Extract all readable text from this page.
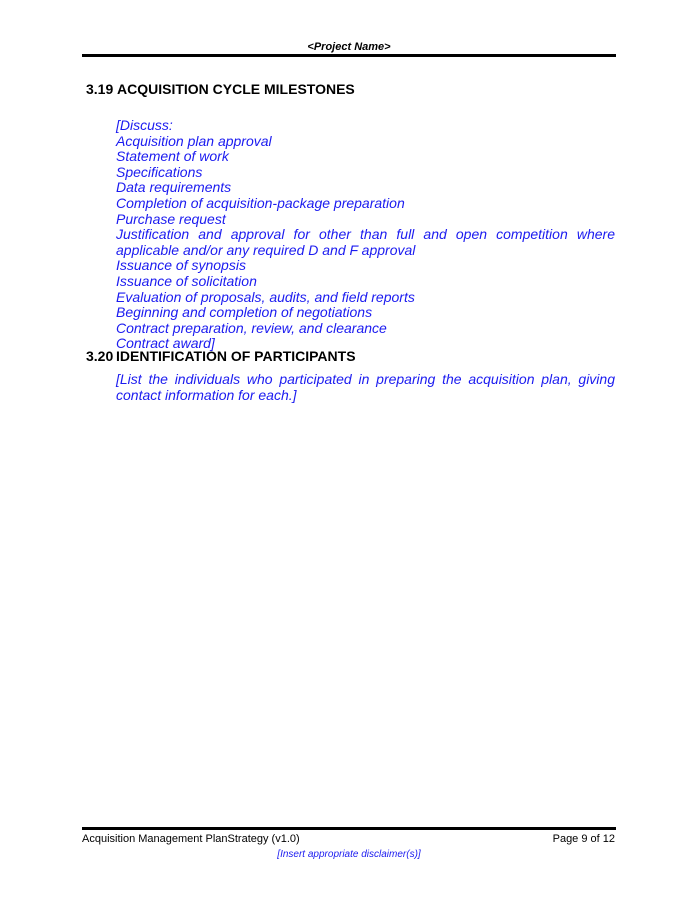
<Project Name>
3.19 ACQUISITION CYCLE MILESTONES
[Discuss:
Acquisition plan approval
Statement of work
Specifications
Data requirements
Completion of acquisition-package preparation
Purchase request
Justification and approval for other than full and open competition where applicable and/or any required D and F approval
Issuance of synopsis
Issuance of solicitation
Evaluation of proposals, audits, and field reports
Beginning and completion of negotiations
Contract preparation, review, and clearance
Contract award]
3.20 IDENTIFICATION OF PARTICIPANTS
[List the individuals who participated in preparing the acquisition plan, giving contact information for each.]
Acquisition Management PlanStrategy (v1.0)	Page 9 of 12
[Insert appropriate disclaimer(s)]
